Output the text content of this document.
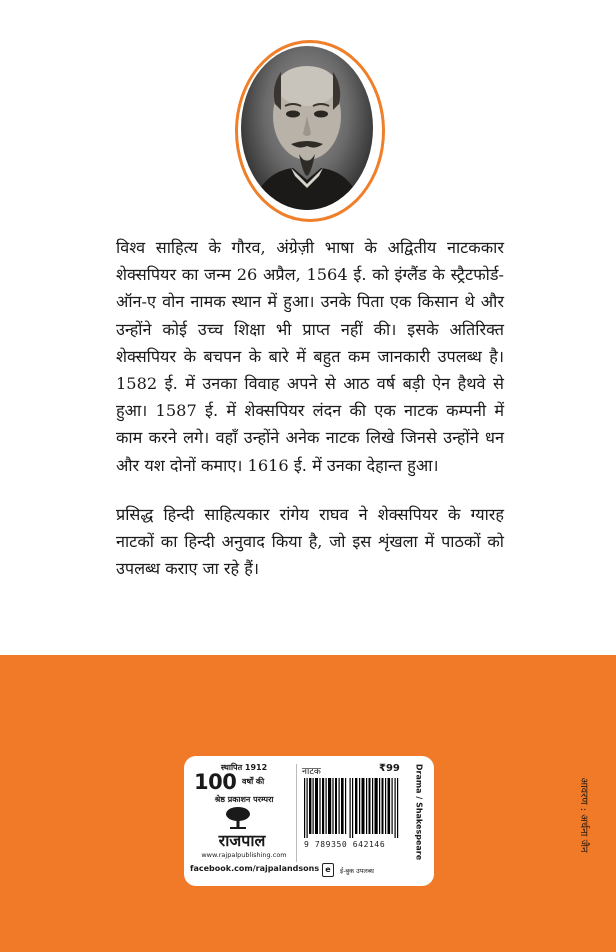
विश्व साहित्य के गौरव, अंग्रेज़ी भाषा के अद्वितीय नाटककार शेक्सपियर का जन्म 26 अप्रैल, 1564 ई. को इंग्लैंड के स्ट्रैटफोर्ड-ऑन-ए वोन नामक स्थान में हुआ। उनके पिता एक किसान थे और उन्होंने कोई उच्च शिक्षा भी प्राप्त नहीं की। इसके अतिरिक्त शेक्सपियर के बचपन के बारे में बहुत कम जानकारी उपलब्ध है। 1582 ई. में उनका विवाह अपने से आठ वर्ष बड़ी ऐन हैथवे से हुआ। 1587 ई. में शेक्सपियर लंदन की एक नाटक कम्पनी में काम करने लगे। वहाँ उन्होंने अनेक नाटक लिखे जिनसे उन्होंने धन और यश दोनों कमाए। 1616 ई. में उनका देहान्त हुआ।

प्रसिद्ध हिन्दी साहित्यकार रांगेय राघव ने शेक्सपियर के ग्यारह नाटकों का हिन्दी अनुवाद किया है, जो इस शृंखला में पाठकों को उपलब्ध कराए जा रहे हैं।

स्थापित 1912
100 वर्षों की
श्रेष्ठ प्रकाशन परम्परा
राजपाल
www.rajpalpublishing.com
नाटक	₹99
9 789350 642146	Drama / Shakespeare
facebook.com/rajpalandsons e	ई-बुक उपलब्ध
आवरण : अर्चना जैन
